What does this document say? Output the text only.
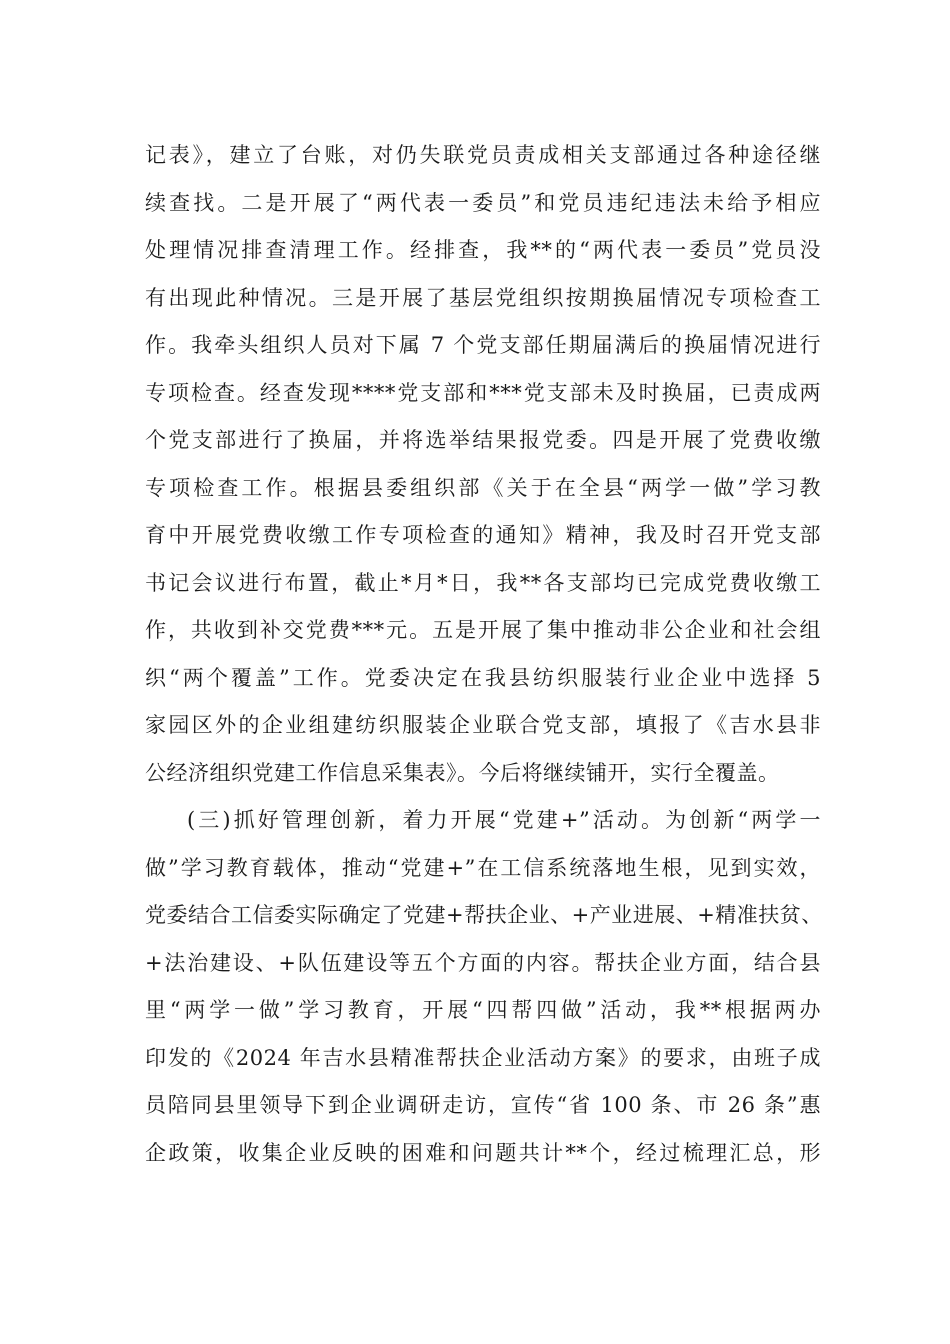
记表》，建立了台账，对仍失联党员责成相关支部通过各种途径继
续查找。二是开展了“两代表一委员”和党员违纪违法未给予相应
处理情况排查清理工作。经排查，我**的“两代表一委员”党员没
有出现此种情况。三是开展了基层党组织按期换届情况专项检查工
作。我牵头组织人员对下属 7 个党支部任期届满后的换届情况进行
专项检查。经查发现****党支部和***党支部未及时换届，已责成两
个党支部进行了换届，并将选举结果报党委。四是开展了党费收缴
专项检查工作。根据县委组织部《关于在全县“两学一做”学习教
育中开展党费收缴工作专项检查的通知》精神，我及时召开党支部
书记会议进行布置，截止*月*日，我**各支部均已完成党费收缴工
作，共收到补交党费***元。五是开展了集中推动非公企业和社会组
织“两个覆盖”工作。党委决定在我县纺织服装行业企业中选择 5
家园区外的企业组建纺织服装企业联合党支部，填报了《吉水县非
公经济组织党建工作信息采集表》。今后将继续铺开，实行全覆盖。
(三)抓好管理创新，着力开展“党建+”活动。为创新“两学一
做”学习教育载体，推动“党建+”在工信系统落地生根，见到实效，
党委结合工信委实际确定了党建+帮扶企业、+产业进展、+精准扶贫、
+法治建设、+队伍建设等五个方面的内容。帮扶企业方面，结合县
里“两学一做”学习教育，开展“四帮四做”活动，我**根据两办
印发的《2024 年吉水县精准帮扶企业活动方案》的要求，由班子成
员陪同县里领导下到企业调研走访，宣传“省 100 条、市 26 条”惠
企政策，收集企业反映的困难和问题共计**个，经过梳理汇总，形
